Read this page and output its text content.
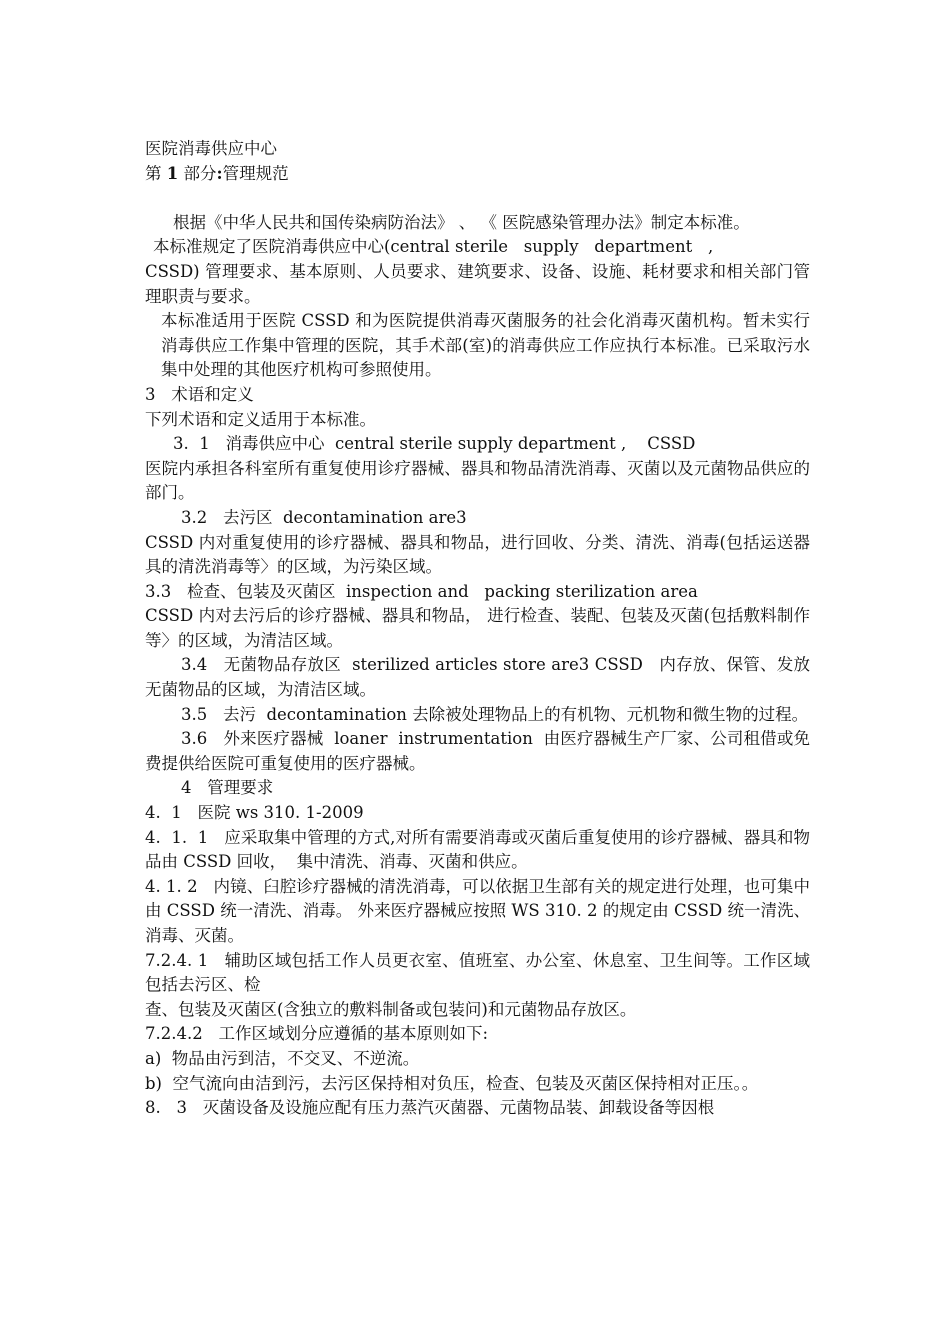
医院消毒供应中心
第 1 部分:管理规范
根据《中华人民共和国传染病防治法》 、 《 医院感染管理办法》制定本标准。
本标准规定了医院消毒供应中心(central sterile   supply   department   ,
CSSD) 管理要求、基本原则、人员要求、建筑要求、设备、设施、耗材要求和相关部门管理职责与要求。
本标准适用于医院 CSSD 和为医院提供消毒灭菌服务的社会化消毒灭菌机构。暂未实行消毒供应工作集中管理的医院，其手术部(室)的消毒供应工作应执行本标准。已采取污水集中处理的其他医疗机构可参照使用。
3   术语和定义
下列术语和定义适用于本标准。
3.  1   消毒供应中心  central sterile supply department ,    CSSD
医院内承担各科室所有重复使用诊疗器械、器具和物品清洗消毒、灭菌以及元菌物品供应的部门。
3.2   去污区  decontamination are3
CSSD 内对重复使用的诊疗器械、器具和物品，进行回收、分类、清洗、消毒(包括运送器具的清洗消毒等〉的区域，为污染区域。
3.3   检查、包装及灭菌区  inspection and   packing sterilization area
CSSD 内对去污后的诊疗器械、器具和物品， 进行检查、装配、包装及灭菌(包括敷料制作等〉的区域，为清洁区域。
3.4   无菌物品存放区  sterilized articles store are3 CSSD   内存放、保管、发放无菌物品的区域，为清洁区域。
3.5   去污  decontamination 去除被处理物品上的有机物、元机物和微生物的过程。
3.6   外来医疗器械  loaner  instrumentation  由医疗器械生产厂家、公司租借或免费提供给医院可重复使用的医疗器械。
4   管理要求
4.  1   医院 ws 310. 1-2009
4.  1.  1   应采取集中管理的方式,对所有需要消毒或灭菌后重复使用的诊疗器械、器具和物品由 CSSD 回收，  集中清洗、消毒、灭菌和供应。
4. 1. 2   内镜、臼腔诊疗器械的清洗消毒，可以依据卫生部有关的规定进行处理，也可集中由 CSSD 统一清洗、消毒。 外来医疗器械应按照 WS 310. 2 的规定由 CSSD 统一清洗、消毒、灭菌。
7.2.4. 1   辅助区域包括工作人员更衣室、值班室、办公室、休息室、卫生间等。工作区域包括去污区、检
查、包装及灭菌区(含独立的敷料制备或包装问)和元菌物品存放区。
7.2.4.2   工作区域划分应遵循的基本原则如下:
a)  物品由污到洁，不交叉、不逆流。
b)  空气流向由洁到污，去污区保持相对负压，检查、包装及灭菌区保持相对正压。。
8.   3   灭菌设备及设施应配有压力蒸汽灭菌器、元菌物品装、卸载设备等因根
